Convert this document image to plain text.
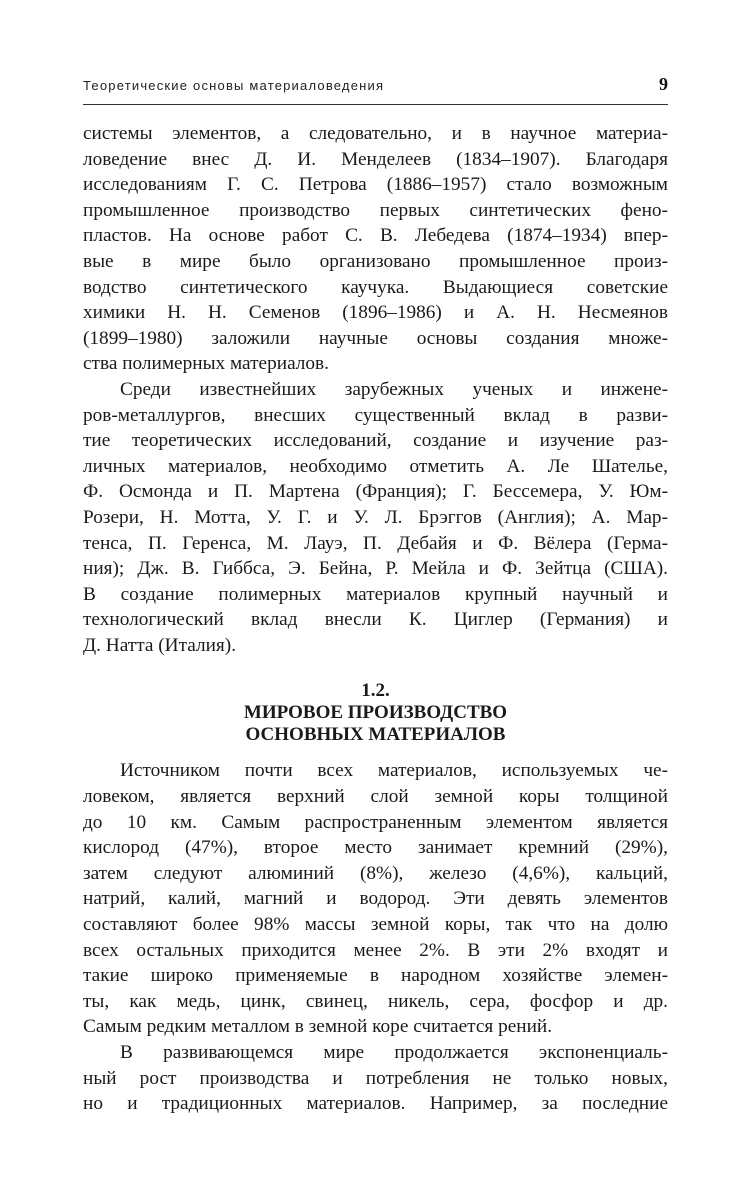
Теоретические основы материаловедения	9
системы элементов, а следовательно, и в научное материа-
ловедение внес Д. И. Менделеев (1834–1907). Благодаря
исследованиям Г. С. Петрова (1886–1957) стало возможным
промышленное производство первых синтетических фено-
пластов. На основе работ С. В. Лебедева (1874–1934) впер-
вые в мире было организовано промышленное произ-
водство синтетического каучука. Выдающиеся советские
химики Н. Н. Семенов (1896–1986) и А. Н. Несмеянов
(1899–1980) заложили научные основы создания множе-
ства полимерных материалов.
Среди известнейших зарубежных ученых и инжене-
ров-металлургов, внесших существенный вклад в разви-
тие теоретических исследований, создание и изучение раз-
личных материалов, необходимо отметить А. Ле Шателье,
Ф. Осмонда и П. Мартена (Франция); Г. Бессемера, У. Юм-
Розери, Н. Мотта, У. Г. и У. Л. Брэггов (Англия); А. Мар-
тенса, П. Геренса, М. Лауэ, П. Дебайя и Ф. Вёлера (Герма-
ния); Дж. В. Гиббса, Э. Бейна, Р. Мейла и Ф. Зейтца (США).
В создание полимерных материалов крупный научный и
технологический вклад внесли К. Циглер (Германия) и
Д. Натта (Италия).
1.2.
МИРОВОЕ ПРОИЗВОДСТВО
ОСНОВНЫХ МАТЕРИАЛОВ
Источником почти всех материалов, используемых че-
ловеком, является верхний слой земной коры толщиной
до 10 км. Самым распространенным элементом является
кислород (47%), второе место занимает кремний (29%),
затем следуют алюминий (8%), железо (4,6%), кальций,
натрий, калий, магний и водород. Эти девять элементов
составляют более 98% массы земной коры, так что на долю
всех остальных приходится менее 2%. В эти 2% входят и
такие широко применяемые в народном хозяйстве элемен-
ты, как медь, цинк, свинец, никель, сера, фосфор и др.
Самым редким металлом в земной коре считается рений.
В развивающемся мире продолжается экспоненциаль-
ный рост производства и потребления не только новых,
но и традиционных материалов. Например, за последние
